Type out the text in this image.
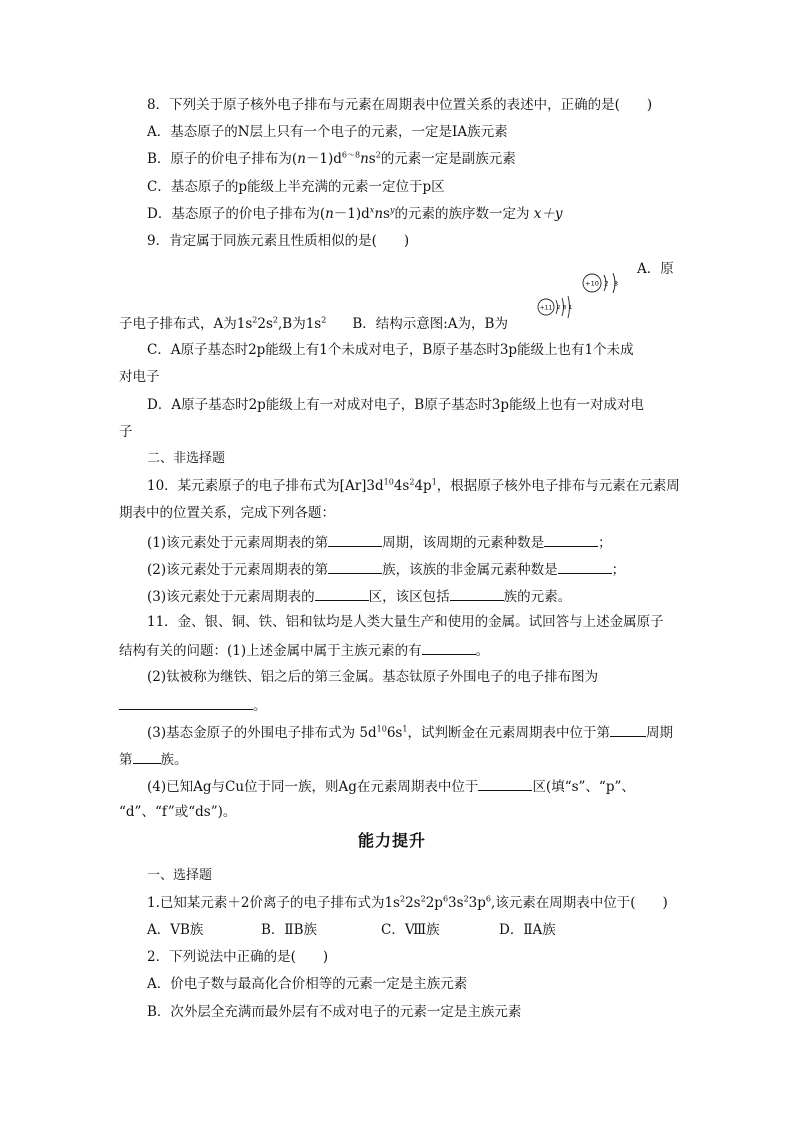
8．下列关于原子核外电子排布与元素在周期表中位置关系的表述中，正确的是(　　)
A．基态原子的N层上只有一个电子的元素，一定是ⅠA族元素
B．原子的价电子排布为$(n-1)d^{6\sim 8}ns^2$的元素一定是副族元素
C．基态原子的p能级上半充满的元素一定位于p区
D．基态原子的价电子排布为$(n-1)d^xns^y$的元素的族序数一定为 x＋y
9．肯定属于同族元素且性质相似的是(　　)
+10 2 8
A．原
子电子排布式，A为$1s^22s^2,B$为$1s^2$ B．结构示意图:A为，B为
+11 2 8 1
C．A原子基态时2p能级上有1个未成对电子，B原子基态时3p能级上也有1个未成
对电子
D．A原子基态时2p能级上有一对成对电子，B原子基态时3p能级上也有一对成对电
子
二、非选择题
10．某元素原子的电子排布式为$[Ar]3d^{10}4s^24p^1$，根据原子核外电子排布与元素在元素周
期表中的位置关系，完成下列各题：
(1)该元素处于元素周期表的第	周期，该周期的元素种数是	；
(2)该元素处于元素周期表的第	族，该族的非金属元素种数是	；
(3)该元素处于元素周期表的	区，该区包括	族的元素。
11．金、银、铜、铁、铝和钛均是人类大量生产和使用的金属。试回答与上述金属原子
结构有关的问题：(1)上述金属中属于主族元素的有	。
(2)钛被称为继铁、铝之后的第三金属。基态钛原子外围电子的电子排布图为
。
(3)基态金原子的外围电子排布式为 $5d^{10}6s^1$，试判断金在元素周期表中位于第	周期
第 族。
(4)已知Ag与Cu位于同一族，则Ag在元素周期表中位于	区(填“s”、“p”、
“d”、“f”或“ds”)。
能力提升
一、选择题
1.已知某元素＋2价离子的电子排布式为$1s^22s^22p^63s^23p^6$,该元素在周期表中位于(　　)
A．ⅤB族	B．ⅡB族	C．Ⅷ族	D．ⅡA族
2．下列说法中正确的是(　　)
A．价电子数与最高化合价相等的元素一定是主族元素
B．次外层全充满而最外层有不成对电子的元素一定是主族元素
